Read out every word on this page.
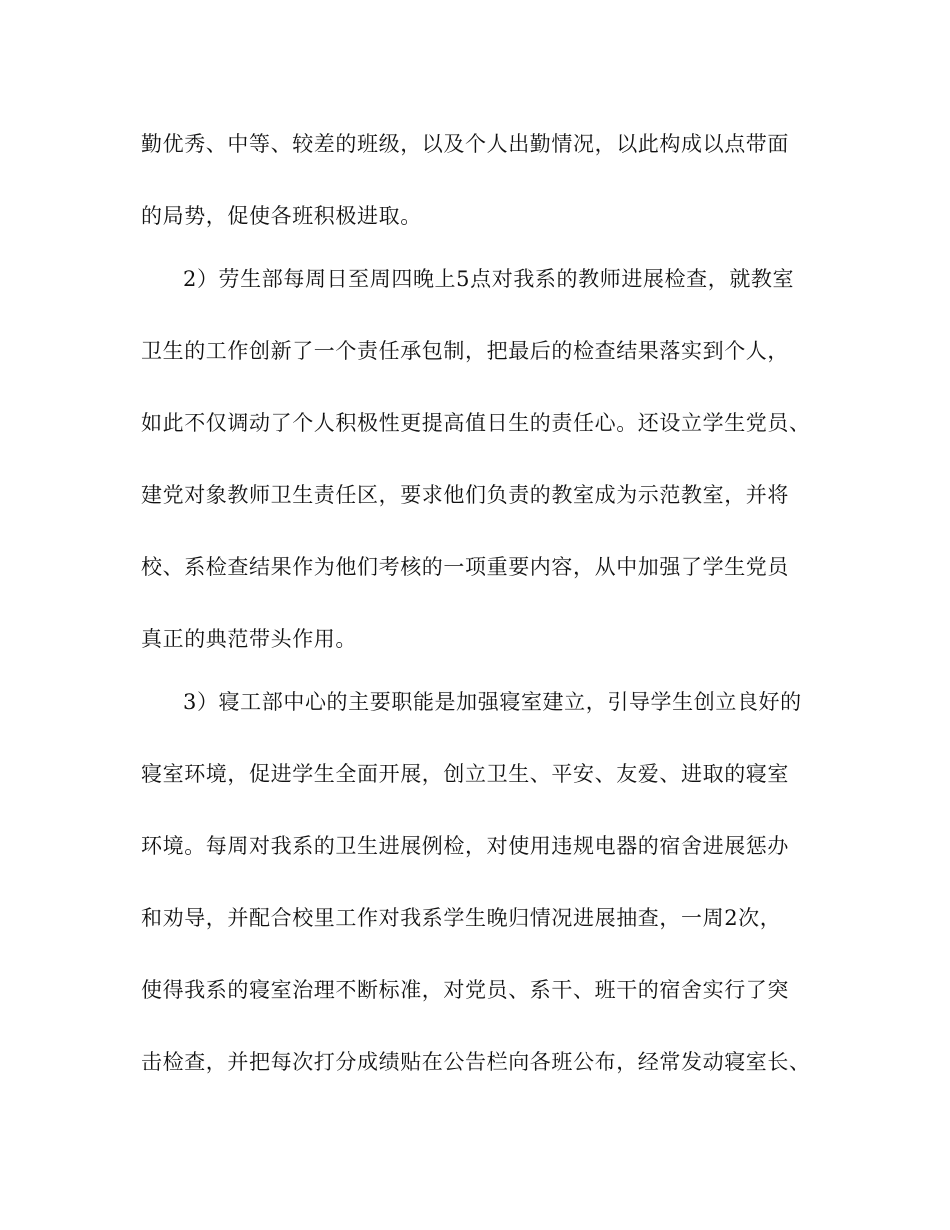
勤优秀、中等、较差的班级，以及个人出勤情况，以此构成以点带面
的局势，促使各班积极进取。
2）劳生部每周日至周四晚上5点对我系的教师进展检查，就教室
卫生的工作创新了一个责任承包制，把最后的检查结果落实到个人，
如此不仅调动了个人积极性更提高值日生的责任心。还设立学生党员、
建党对象教师卫生责任区，要求他们负责的教室成为示范教室，并将
校、系检查结果作为他们考核的一项重要内容，从中加强了学生党员
真正的典范带头作用。
3）寝工部中心的主要职能是加强寝室建立，引导学生创立良好的
寝室环境，促进学生全面开展，创立卫生、平安、友爱、进取的寝室
环境。每周对我系的卫生进展例检，对使用违规电器的宿舍进展惩办
和劝导，并配合校里工作对我系学生晚归情况进展抽查，一周2次，
使得我系的寝室治理不断标准，对党员、系干、班干的宿舍实行了突
击检查，并把每次打分成绩贴在公告栏向各班公布，经常发动寝室长、
